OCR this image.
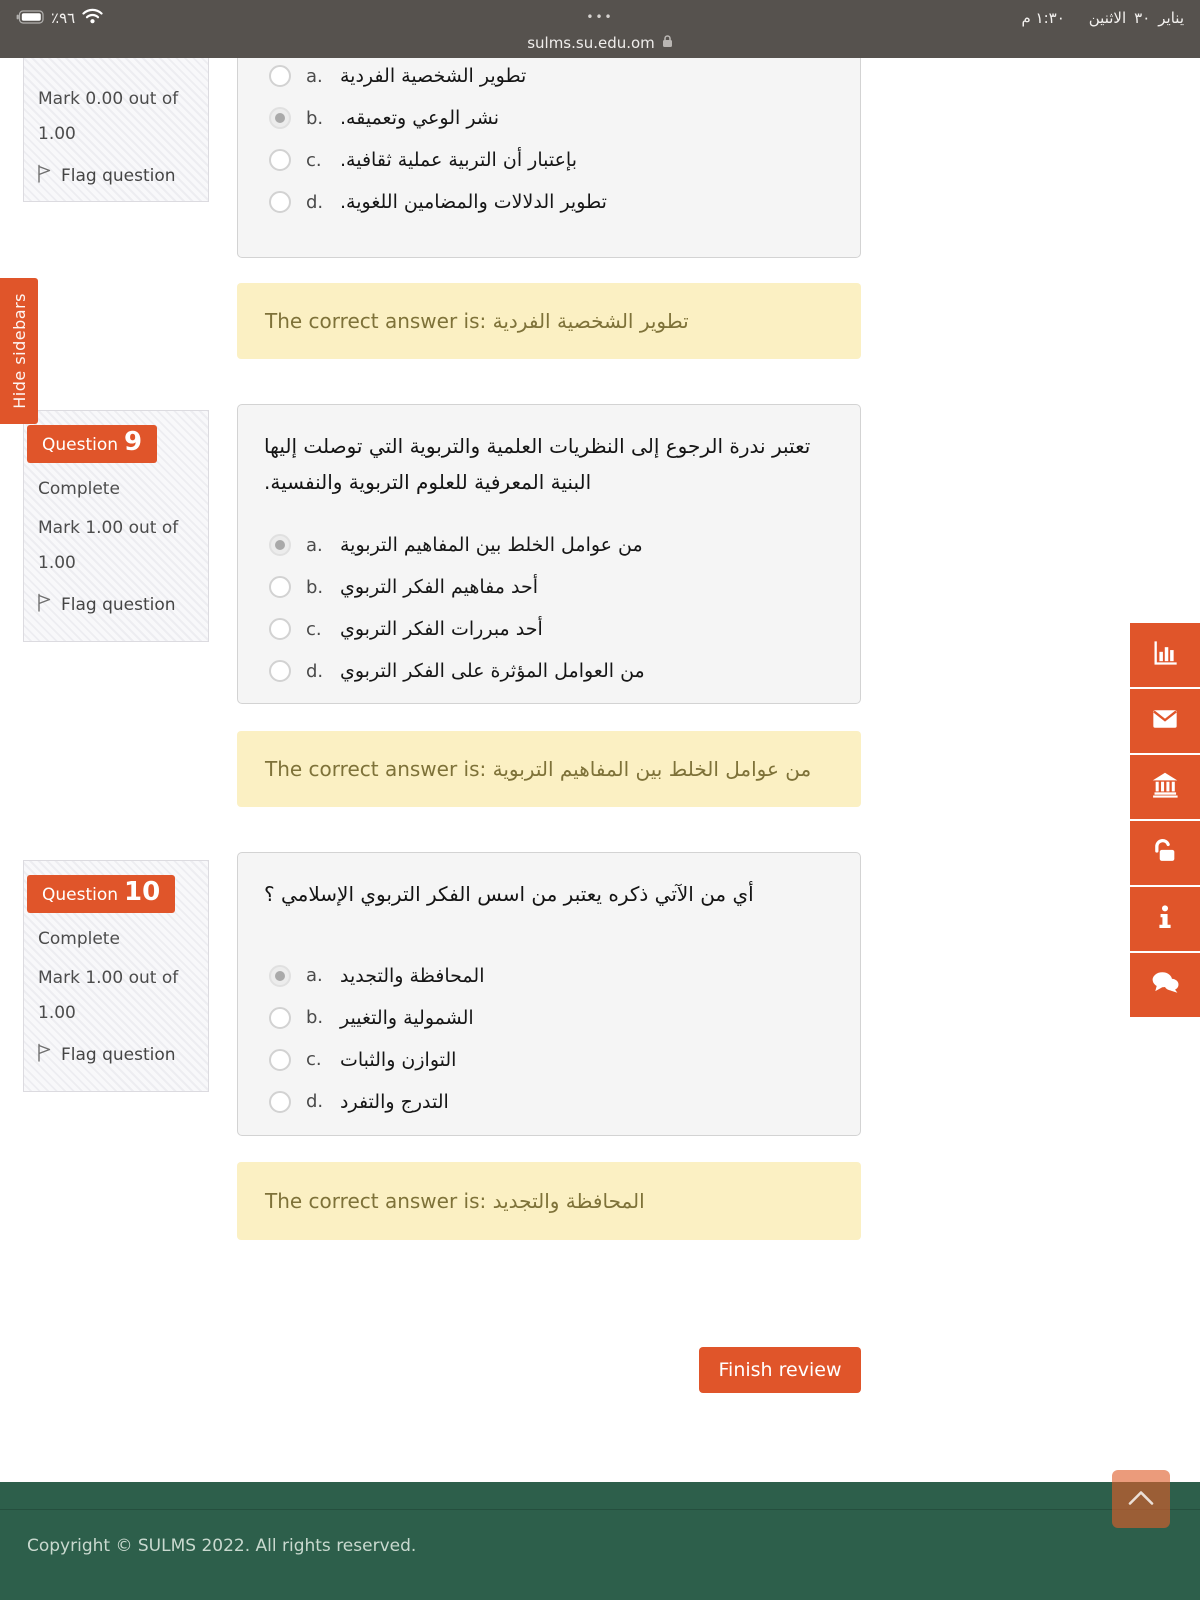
٪٩٦	•••	١:٣٠ م الاثنين ٣٠ يناير
sulms.su.edu.om
Hide sidebars
Mark 0.00 out of 1.00
Flag question
Question 9
Complete
Mark 1.00 out of 1.00
Flag question
Question 10
Complete
Mark 1.00 out of 1.00
Flag question
a. تطوير الشخصية الفردية
b. نشر الوعي وتعميقه.
c. بإعتبار أن التربية عملية ثقافية.
d. تطوير الدلالات والمضامين اللغوية.
The correct answer is: تطوير الشخصية الفردية
تعتبر ندرة الرجوع إلى النظريات العلمية والتربوية التي توصلت إليها البنية المعرفية للعلوم التربوية والنفسية.
a. من عوامل الخلط بين المفاهيم التربوية
b. أحد مفاهيم الفكر التربوي
c. أحد مبررات الفكر التربوي
d. من العوامل المؤثرة على الفكر التربوي
The correct answer is: من عوامل الخلط بين المفاهيم التربوية
أي من الآتي ذكره يعتبر من اسس الفكر التربوي الإسلامي ؟
a. المحافظة والتجديد
b. الشمولية والتغيير
c. التوازن والثبات
d. التدرج والتفرد
The correct answer is: المحافظة والتجديد
Finish review
Copyright © SULMS 2022. All rights reserved.
